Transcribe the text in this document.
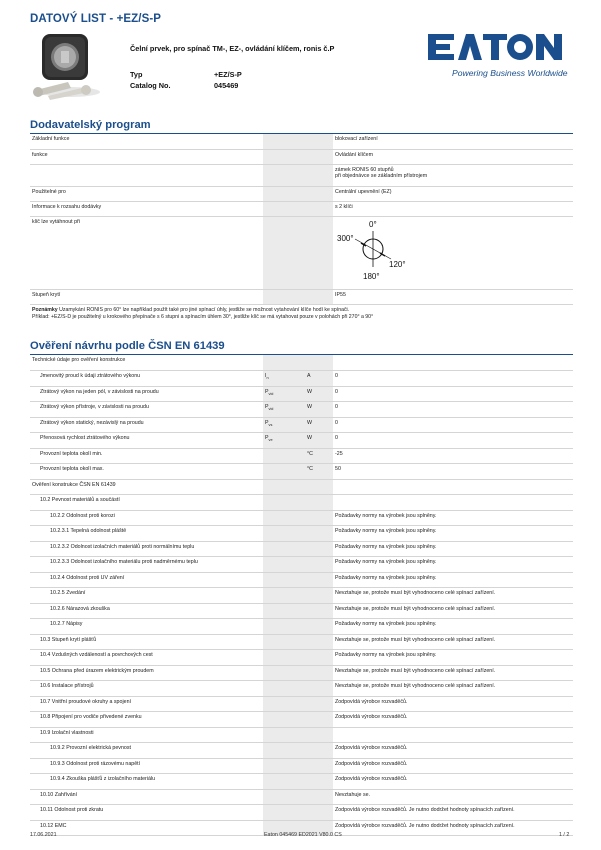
DATOVÝ LIST - +EZ/S-P
Čelní prvek, pro spínač TM-, EZ-, ovládání klíčem, ronis č.P
Typ	+EZ/S-P
Catalog No.	045469
Powering Business Worldwide
Dodavatelský program
Základní funkce		blokovací zařízení
funkce		Ovládání klíčem

		zámek RONIS 60 stupňů
při objednávce se základním přístrojem

Použitelné pro		Centrální upevnění (EZ)
Informace k rozsahu dodávky		s 2 klíči
klíč lze vytáhnout při		0°
300°
120°
180°

Stupeň krytí		IP55
Poznámky Uzamykání RONIS pro 60° lze například použít také pro jiné spínací úhly, jestliže se možnost vytahování klíče hodí ke spínači.
Příklad: +EZ/S-D je použitelný u krokového přepínače s 6 stupni a spínacím úhlem 30°, jestliže klíč se má vytahovat pouze v polohách při 270° a 90°
Ověření návrhu podle ČSN EN 61439
Technické údaje pro ověření konstrukce			
Jmenovitý proud k údaji ztrátového výkonu	$I_n$	A	0
Ztrátový výkon na jeden pól, v závislosti na proudu	$P_{vid}$	W	0
Ztrátový výkon přístroje, v závislosti na proudu	$P_{vid}$	W	0
Ztrátový výkon statický, nezávislý na proudu	$P_{vs}$	W	0
Přenosová rychlost ztrátového výkonu	$P_{ve}$	W	0
Provozní teplota okolí min.		°C	-25
Provozní teplota okolí max.		°C	50
Ověření konstrukce ČSN EN 61439			
10.2 Pevnost materiálů a součástí			
10.2.2 Odolnost proti korozi			Požadavky normy na výrobek jsou splněny.
10.2.3.1 Tepelná odolnost pláště			Požadavky normy na výrobek jsou splněny.
10.2.3.2 Odolnost izolačních materiálů proti normálnímu teplu			Požadavky normy na výrobek jsou splněny.
10.2.3.3 Odolnost izolačního materiálu proti nadměrnému teplu			Požadavky normy na výrobek jsou splněny.
10.2.4 Odolnost proti UV záření			Požadavky normy na výrobek jsou splněny.
10.2.5 Zvedání			Nevztahuje se, protože musí být vyhodnoceno celé spínací zařízení.
10.2.6 Nárazová zkouška			Nevztahuje se, protože musí být vyhodnoceno celé spínací zařízení.
10.2.7 Nápisy			Požadavky normy na výrobek jsou splněny.
10.3 Stupeň krytí plášťů			Nevztahuje se, protože musí být vyhodnoceno celé spínací zařízení.
10.4 Vzdušných vzdáleností a povrchových cest			Požadavky normy na výrobek jsou splněny.
10.5 Ochrana před úrazem elektrickým proudem			Nevztahuje se, protože musí být vyhodnoceno celé spínací zařízení.
10.6 Instalace přístrojů			Nevztahuje se, protože musí být vyhodnoceno celé spínací zařízení.
10.7 Vnitřní proudové okruhy a spojení			Zodpovídá výrobce rozvaděčů.
10.8 Připojení pro vodiče přivedené zvenku			Zodpovídá výrobce rozvaděčů.
10.9 Izolační vlastnosti			
10.9.2 Provozní elektrická pevnost			Zodpovídá výrobce rozvaděčů.
10.9.3 Odolnost proti rázovému napětí			Zodpovídá výrobce rozvaděčů.
10.9.4 Zkouška plášťů z izolačního materiálu			Zodpovídá výrobce rozvaděčů.
10.10 Zahřívání			Nevztahuje se.
10.11 Odolnost proti zkratu			Zodpovídá výrobce rozvaděčů. Je nutno dodržet hodnoty spínacích zařízení.
10.12 EMC			Zodpovídá výrobce rozvaděčů. Je nutno dodržet hodnoty spínacích zařízení.
17.06.2021	Eaton 045469 ED2021 V80.0 CS	1 / 2
